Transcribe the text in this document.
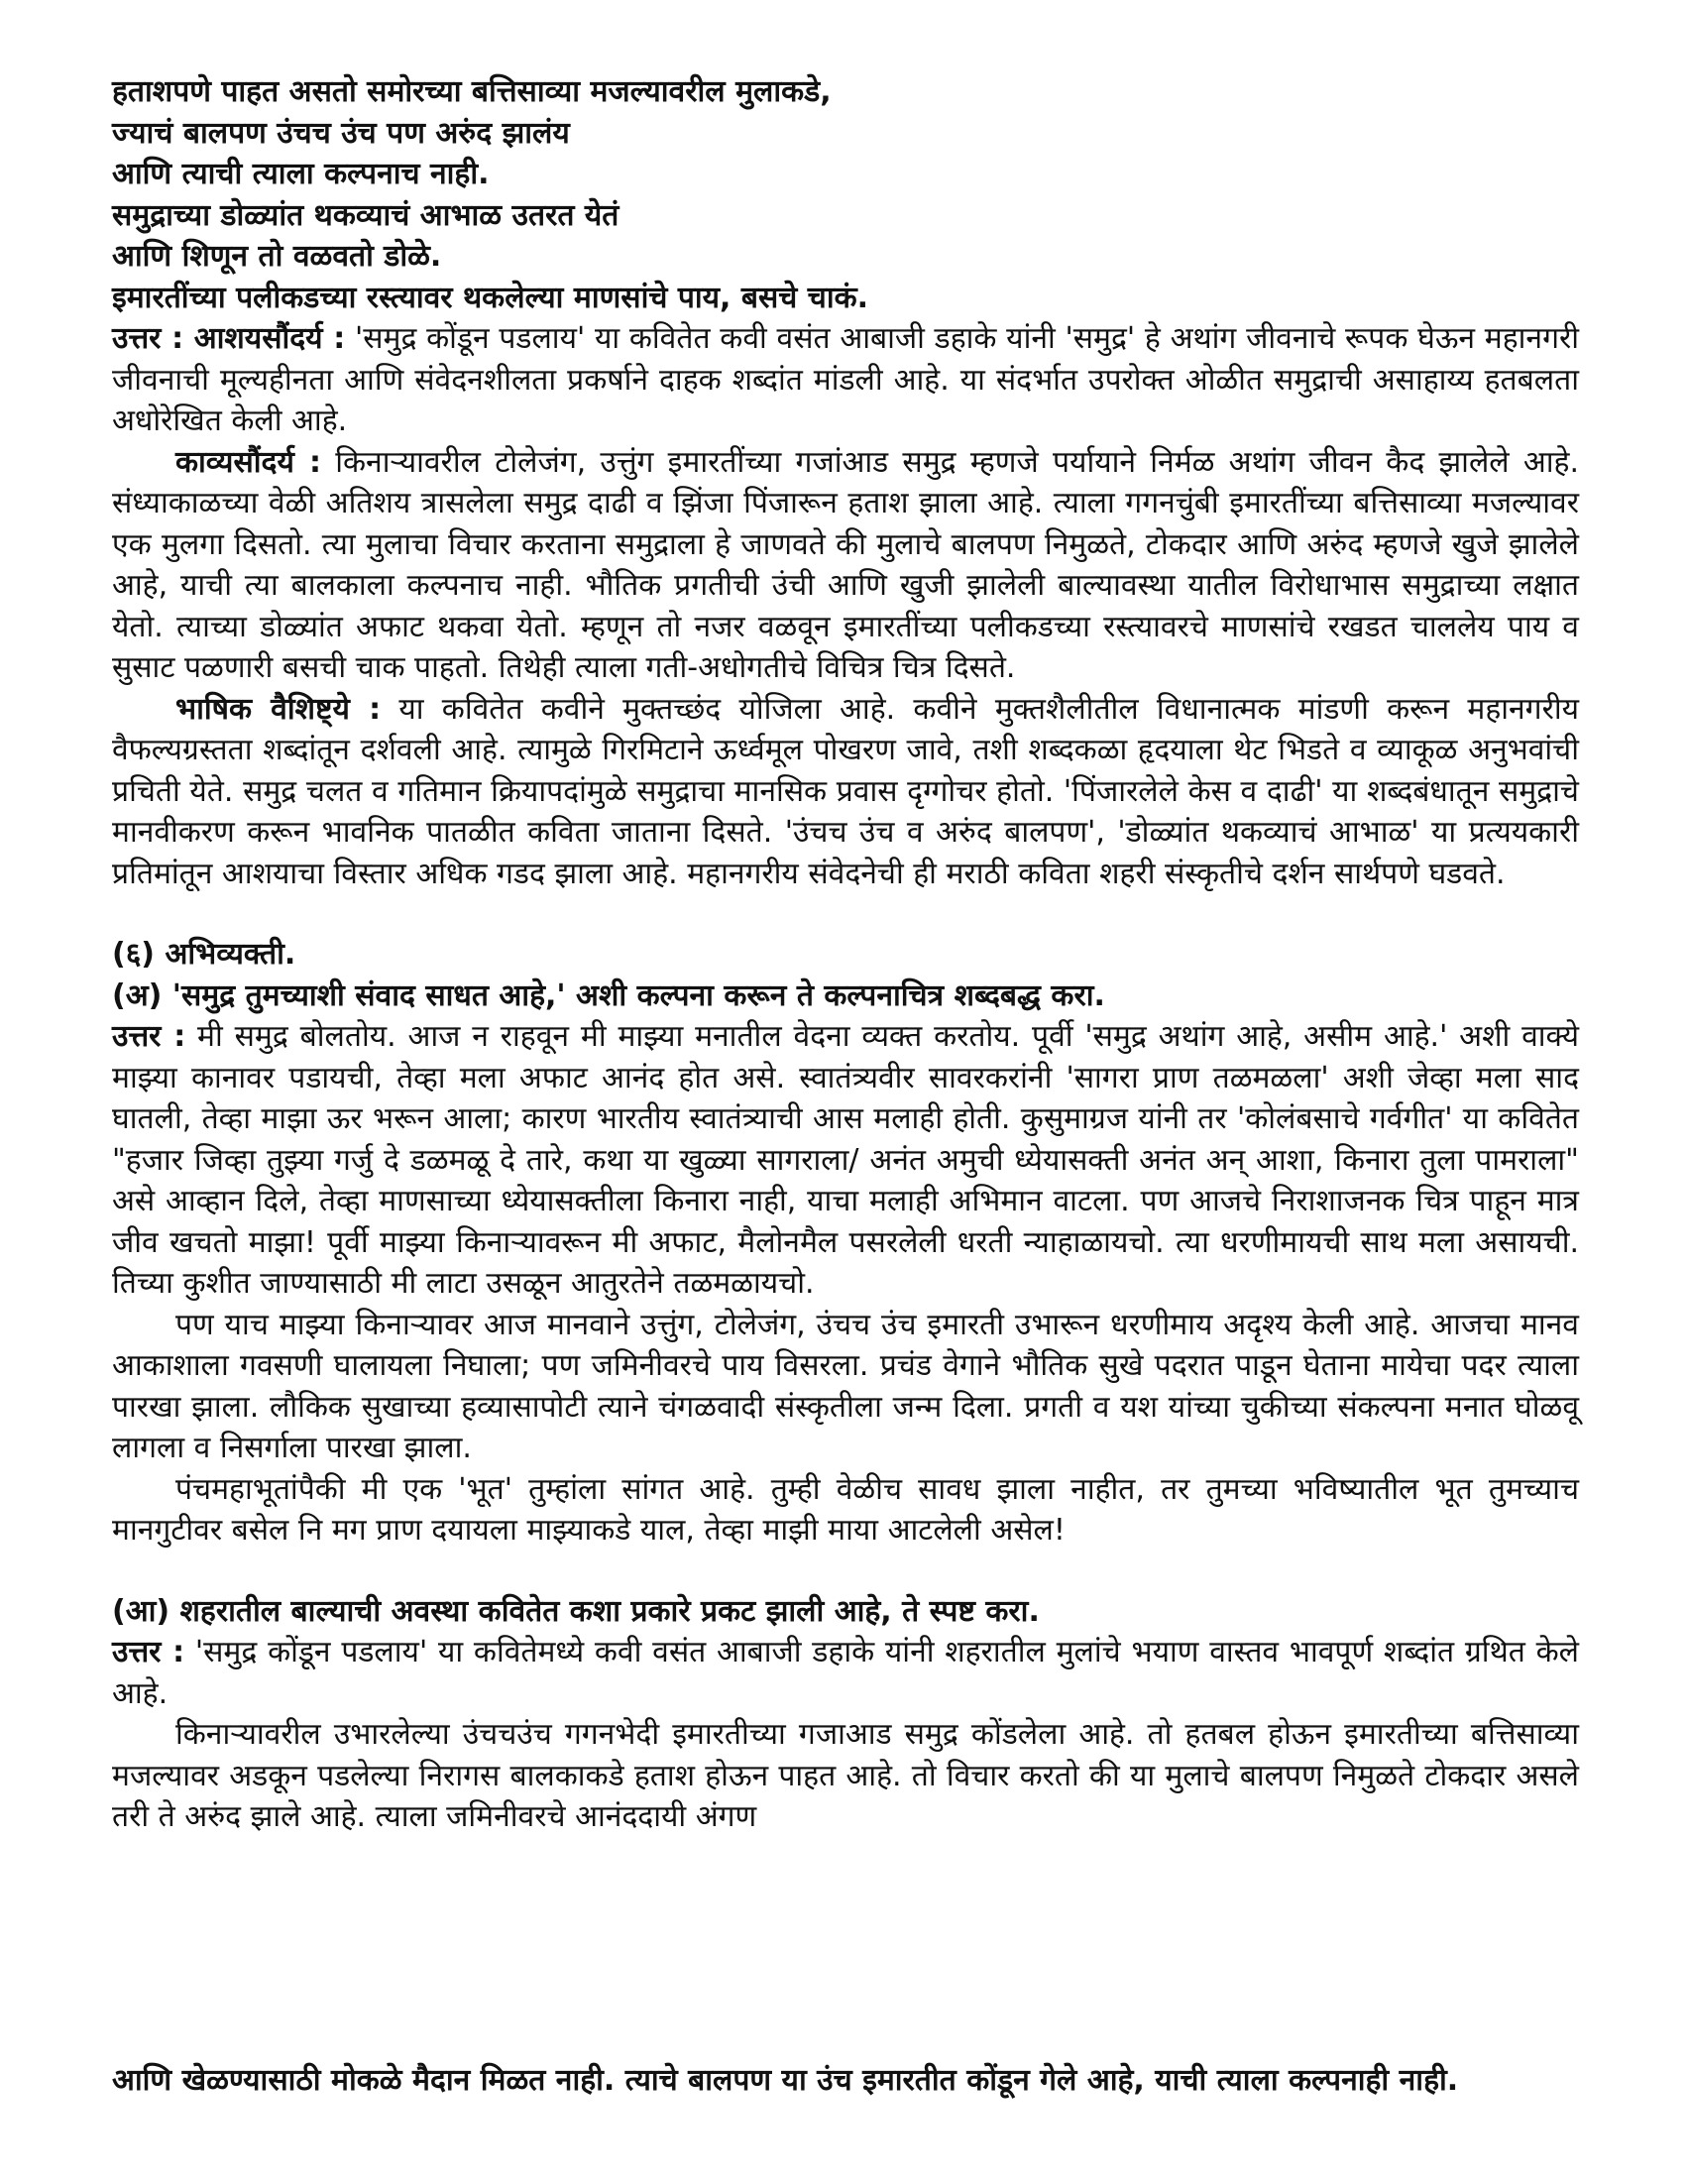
हताशपणे पाहत असतो समोरच्या बत्तिसाव्या मजल्यावरील मुलाकडे,
ज्याचं बालपण उंचच उंच पण अरुंद झालंय
आणि त्याची त्याला कल्पनाच नाही.
समुद्राच्या डोळ्यांत थकव्याचं आभाळ उतरत येतं
आणि शिणून तो वळवतो डोळे.
इमारतींच्या पलीकडच्या रस्त्यावर थकलेल्या माणसांचे पाय, बसचे चाकं.

उत्तर : आशयसौंदर्य : 'समुद्र कोंडून पडलाय' या कवितेत कवी वसंत आबाजी डहाके यांनी 'समुद्र' हे अथांग जीवनाचे रूपक घेऊन महानगरी जीवनाची मूल्यहीनता आणि संवेदनशीलता प्रकर्षाने दाहक शब्दांत मांडली आहे. या संदर्भात उपरोक्त ओळीत समुद्राची असाहाय्य हतबलता अधोरेखित केली आहे.

काव्यसौंदर्य : किनाऱ्यावरील टोलेजंग, उत्तुंग इमारतींच्या गजांआड समुद्र म्हणजे पर्यायाने निर्मळ अथांग जीवन कैद झालेले आहे. संध्याकाळच्या वेळी अतिशय त्रासलेला समुद्र दाढी व झिंजा पिंजारून हताश झाला आहे. त्याला गगनचुंबी इमारतींच्या बत्तिसाव्या मजल्यावर एक मुलगा दिसतो. त्या मुलाचा विचार करताना समुद्राला हे जाणवते की मुलाचे बालपण निमुळते, टोकदार आणि अरुंद म्हणजे खुजे झालेले आहे, याची त्या बालकाला कल्पनाच नाही. भौतिक प्रगतीची उंची आणि खुजी झालेली बाल्यावस्था यातील विरोधाभास समुद्राच्या लक्षात येतो. त्याच्या डोळ्यांत अफाट थकवा येतो. म्हणून तो नजर वळवून इमारतींच्या पलीकडच्या रस्त्यावरचे माणसांचे रखडत चाललेय पाय व सुसाट पळणारी बसची चाक पाहतो. तिथेही त्याला गती-अधोगतीचे विचित्र चित्र दिसते.

भाषिक वैशिष्ट्ये : या कवितेत कवीने मुक्तच्छंद योजिला आहे. कवीने मुक्तशैलीतील विधानात्मक मांडणी करून महानगरीय वैफल्यग्रस्तता शब्दांतून दर्शवली आहे. त्यामुळे गिरमिटाने ऊर्ध्वमूल पोखरण जावे, तशी शब्दकळा हृदयाला थेट भिडते व व्याकूळ अनुभवांची प्रचिती येते. समुद्र चलत व गतिमान क्रियापदांमुळे समुद्राचा मानसिक प्रवास दृग्गोचर होतो. 'पिंजारलेले केस व दाढी' या शब्दबंधातून समुद्राचे मानवीकरण करून भावनिक पातळीत कविता जाताना दिसते. 'उंचच उंच व अरुंद बालपण', 'डोळ्यांत थकव्याचं आभाळ' या प्रत्ययकारी प्रतिमांतून आशयाचा विस्तार अधिक गडद झाला आहे. महानगरीय संवेदनेची ही मराठी कविता शहरी संस्कृतीचे दर्शन सार्थपणे घडवते.

(६) अभिव्यक्ती.

(अ) 'समुद्र तुमच्याशी संवाद साधत आहे,' अशी कल्पना करून ते कल्पनाचित्र शब्दबद्ध करा.

उत्तर : मी समुद्र बोलतोय. आज न राहवून मी माझ्या मनातील वेदना व्यक्त करतोय. पूर्वी 'समुद्र अथांग आहे, असीम आहे.' अशी वाक्ये माझ्या कानावर पडायची, तेव्हा मला अफाट आनंद होत असे. स्वातंत्र्यवीर सावरकरांनी 'सागरा प्राण तळमळला' अशी जेव्हा मला साद घातली, तेव्हा माझा ऊर भरून आला; कारण भारतीय स्वातंत्र्याची आस मलाही होती. कुसुमाग्रज यांनी तर 'कोलंबसाचे गर्वगीत' या कवितेत "हजार जिव्हा तुझ्या गर्जु दे डळमळू दे तारे, कथा या खुळ्या सागराला/ अनंत अमुची ध्येयासक्ती अनंत अन् आशा, किनारा तुला पामराला" असे आव्हान दिले, तेव्हा माणसाच्या ध्येयासक्तीला किनारा नाही, याचा मलाही अभिमान वाटला. पण आजचे निराशाजनक चित्र पाहून मात्र जीव खचतो माझा! पूर्वी माझ्या किनाऱ्यावरून मी अफाट, मैलोनमैल पसरलेली धरती न्याहाळायचो. त्या धरणीमायची साथ मला असायची. तिच्या कुशीत जाण्यासाठी मी लाटा उसळून आतुरतेने तळमळायचो.

पण याच माझ्या किनाऱ्यावर आज मानवाने उत्तुंग, टोलेजंग, उंचच उंच इमारती उभारून धरणीमाय अदृश्य केली आहे. आजचा मानव आकाशाला गवसणी घालायला निघाला; पण जमिनीवरचे पाय विसरला. प्रचंड वेगाने भौतिक सुखे पदरात पाडून घेताना मायेचा पदर त्याला पारखा झाला. लौकिक सुखाच्या हव्यासापोटी त्याने चंगळवादी संस्कृतीला जन्म दिला. प्रगती व यश यांच्या चुकीच्या संकल्पना मनात घोळवू लागला व निसर्गाला पारखा झाला.

पंचमहाभूतांपैकी मी एक 'भूत' तुम्हांला सांगत आहे. तुम्ही वेळीच सावध झाला नाहीत, तर तुमच्या भविष्यातील भूत तुमच्याच मानगुटीवर बसेल नि मग प्राण दयायला माझ्याकडे याल, तेव्हा माझी माया आटलेली असेल!

(आ) शहरातील बाल्याची अवस्था कवितेत कशा प्रकारे प्रकट झाली आहे, ते स्पष्ट करा.

उत्तर : 'समुद्र कोंडून पडलाय' या कवितेमध्ये कवी वसंत आबाजी डहाके यांनी शहरातील मुलांचे भयाण वास्तव भावपूर्ण शब्दांत ग्रथित केले आहे.

किनाऱ्यावरील उभारलेल्या उंचचउंच गगनभेदी इमारतीच्या गजाआड समुद्र कोंडलेला आहे. तो हतबल होऊन इमारतीच्या बत्तिसाव्या मजल्यावर अडकून पडलेल्या निरागस बालकाकडे हताश होऊन पाहत आहे. तो विचार करतो की या मुलाचे बालपण निमुळते टोकदार असले तरी ते अरुंद झाले आहे. त्याला जमिनीवरचे आनंददायी अंगण

आणि खेळण्यासाठी मोकळे मैदान मिळत नाही. त्याचे बालपण या उंच इमारतीत कोंडून गेले आहे, याची त्याला कल्पनाही नाही.
